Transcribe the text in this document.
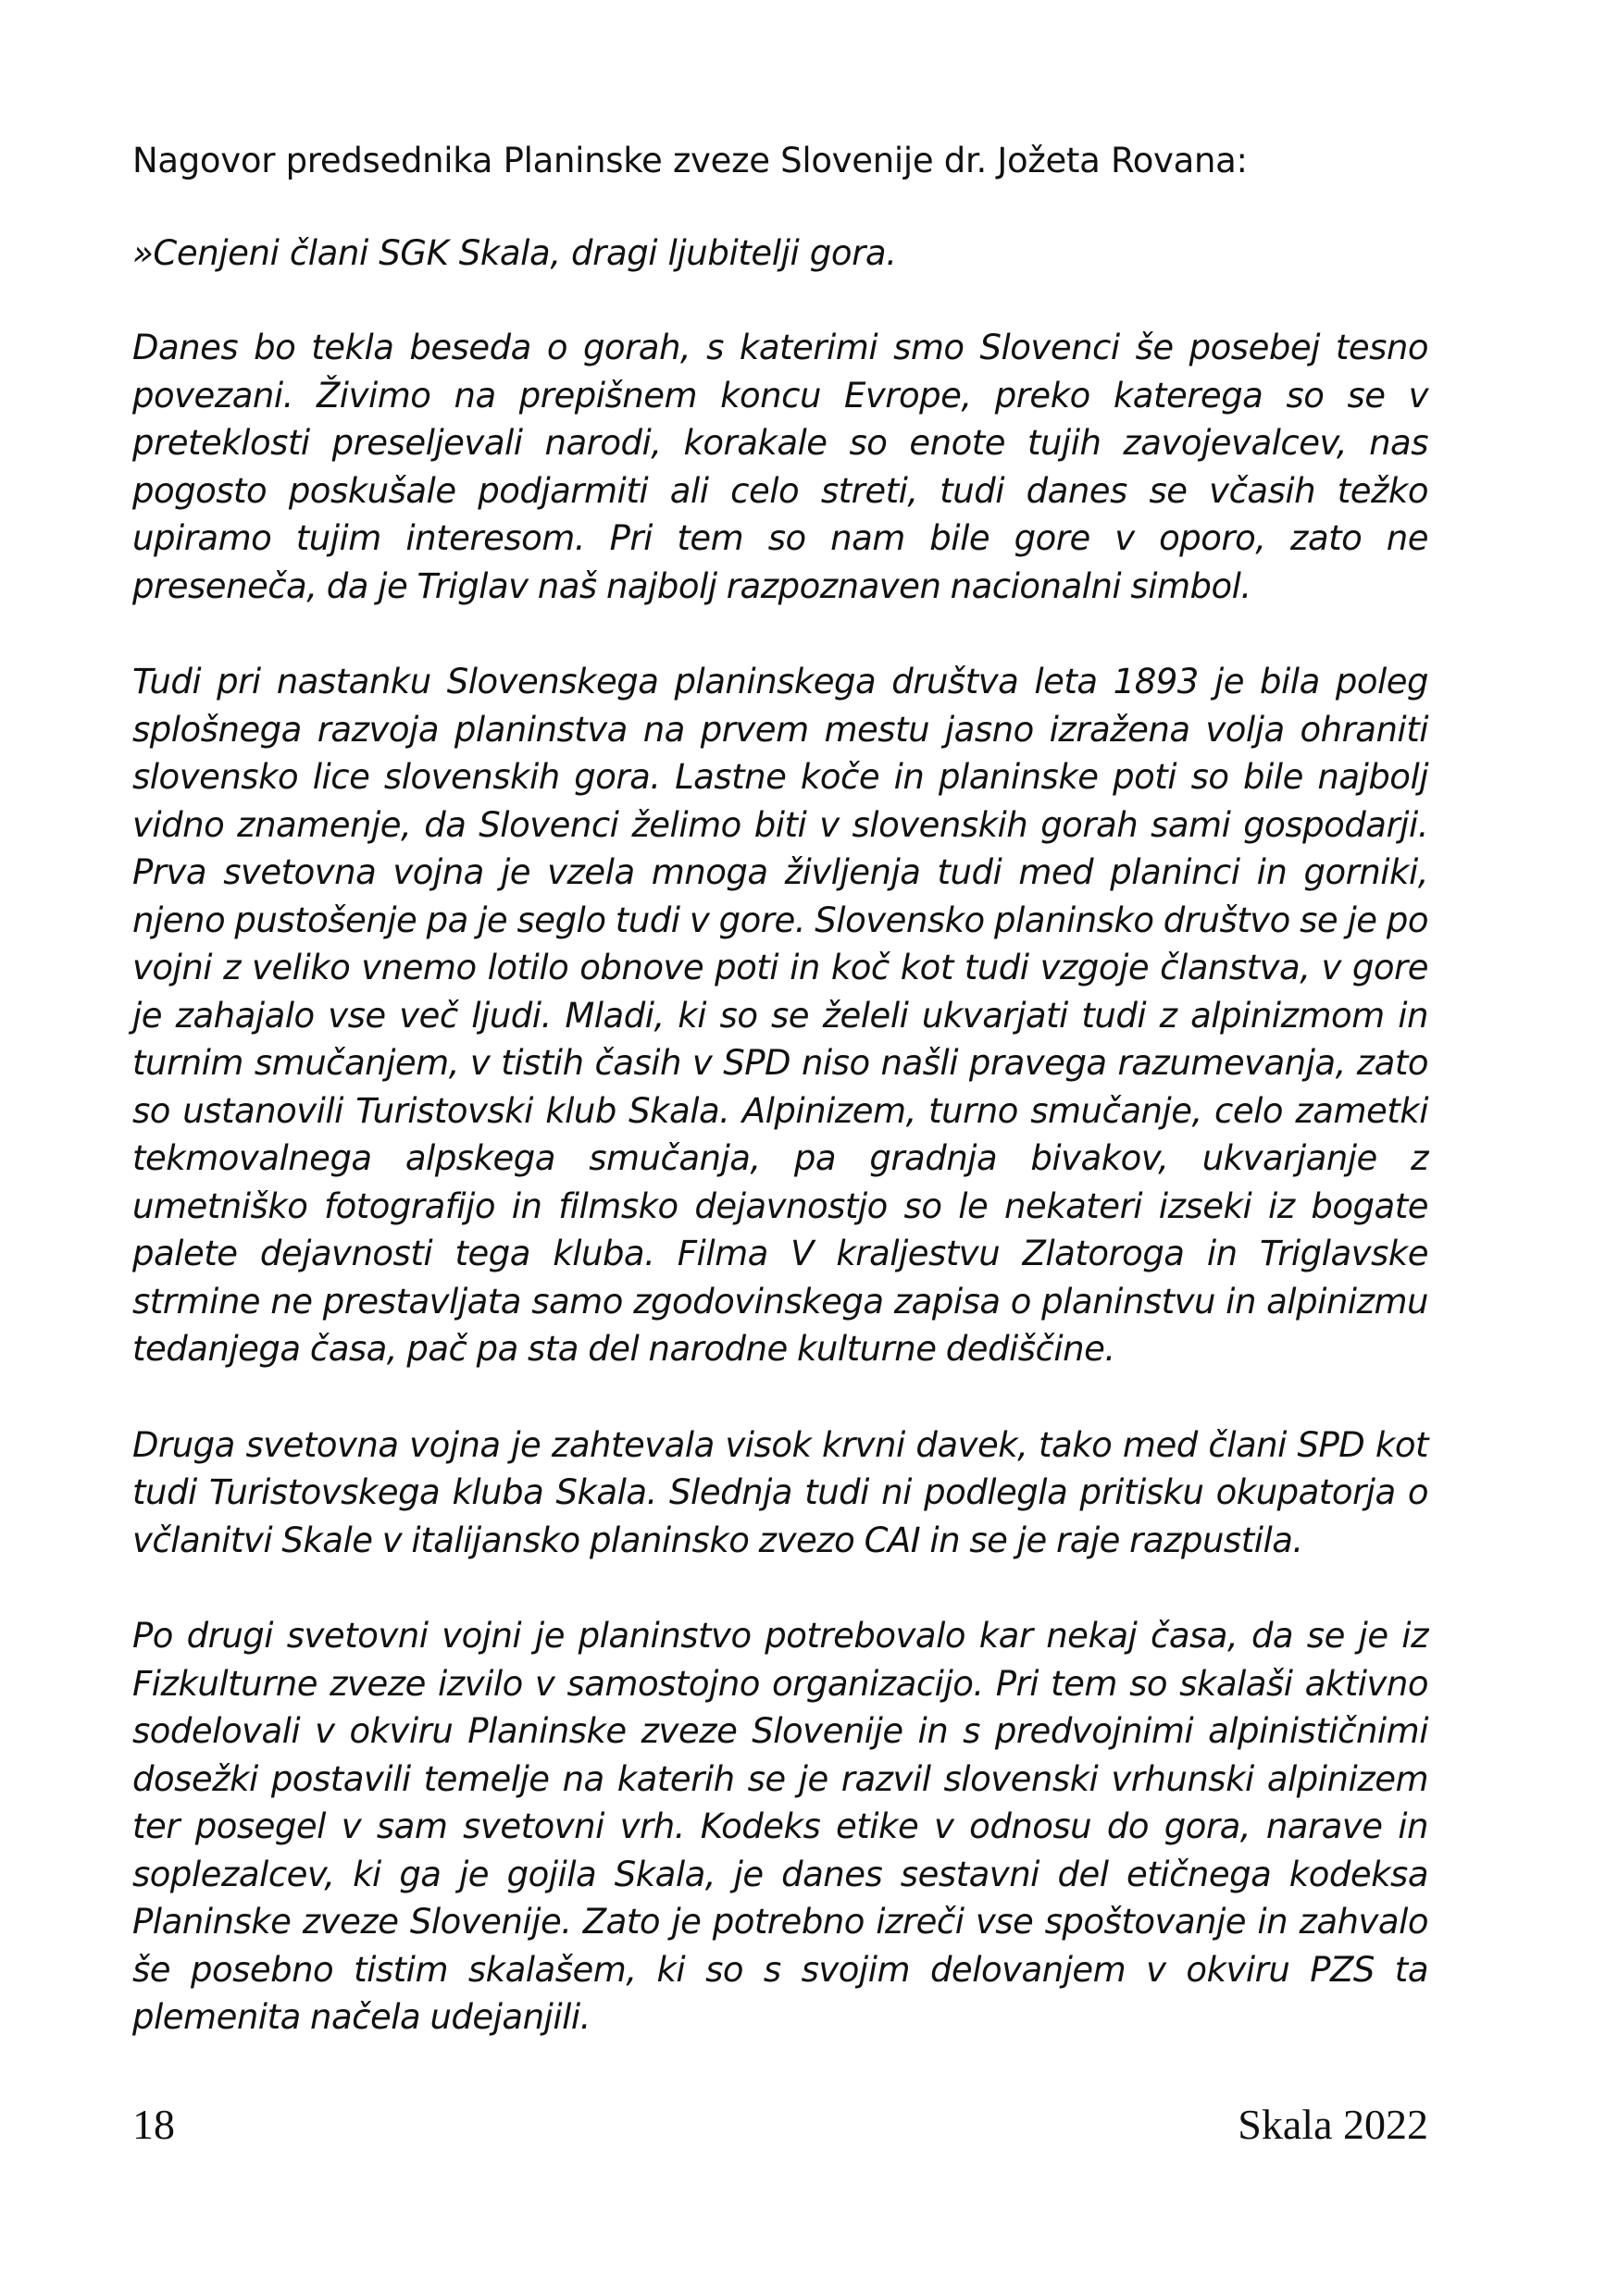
Nagovor predsednika Planinske zveze Slovenije dr. Jožeta Rovana:

»Cenjeni člani SGK Skala, dragi ljubitelji gora.

Danes bo tekla beseda o gorah, s katerimi smo Slovenci še posebej tesno povezani. Živimo na prepišnem koncu Evrope, preko katerega so se v preteklosti preseljevali narodi, korakale so enote tujih zavojevalcev, nas pogosto poskušale podjarmiti ali celo streti, tudi danes se včasih težko upiramo tujim interesom. Pri tem so nam bile gore v oporo, zato ne preseneča, da je Triglav naš najbolj razpoznaven nacionalni simbol.

Tudi pri nastanku Slovenskega planinskega društva leta 1893 je bila poleg splošnega razvoja planinstva na prvem mestu jasno izražena volja ohraniti slovensko lice slovenskih gora. Lastne koče in planinske poti so bile najbolj vidno znamenje, da Slovenci želimo biti v slovenskih gorah sami gospodarji. Prva svetovna vojna je vzela mnoga življenja tudi med planinci in gorniki, njeno pustošenje pa je seglo tudi v gore. Slovensko planinsko društvo se je po vojni z veliko vnemo lotilo obnove poti in koč kot tudi vzgoje članstva, v gore je zahajalo vse več ljudi. Mladi, ki so se želeli ukvarjati tudi z alpinizmom in turnim smučanjem, v tistih časih v SPD niso našli pravega razumevanja, zato so ustanovili Turistovski klub Skala. Alpinizem, turno smučanje, celo zametki tekmovalnega alpskega smučanja, pa gradnja bivakov, ukvarjanje z umetniško fotografijo in filmsko dejavnostjo so le nekateri izseki iz bogate palete dejavnosti tega kluba. Filma V kraljestvu Zlatoroga in Triglavske strmine ne prestavljata samo zgodovinskega zapisa o planinstvu in alpinizmu tedanjega časa, pač pa sta del narodne kulturne dediščine.

Druga svetovna vojna je zahtevala visok krvni davek, tako med člani SPD kot tudi Turistovskega kluba Skala. Slednja tudi ni podlegla pritisku okupatorja o včlanitvi Skale v italijansko planinsko zvezo CAI in se je raje razpustila.

Po drugi svetovni vojni je planinstvo potrebovalo kar nekaj časa, da se je iz Fizkulturne zveze izvilo v samostojno organizacijo. Pri tem so skalaši aktivno sodelovali v okviru Planinske zveze Slovenije in s predvojnimi alpinističnimi dosežki postavili temelje na katerih se je razvil slovenski vrhunski alpinizem ter posegel v sam svetovni vrh. Kodeks etike v odnosu do gora, narave in soplezalcev, ki ga je gojila Skala, je danes sestavni del etičnega kodeksa Planinske zveze Slovenije. Zato je potrebno izreči vse spoštovanje in zahvalo še posebno tistim skalašem, ki so s svojim delovanjem v okviru PZS ta plemenita načela udejanjili.

18	Skala 2022
